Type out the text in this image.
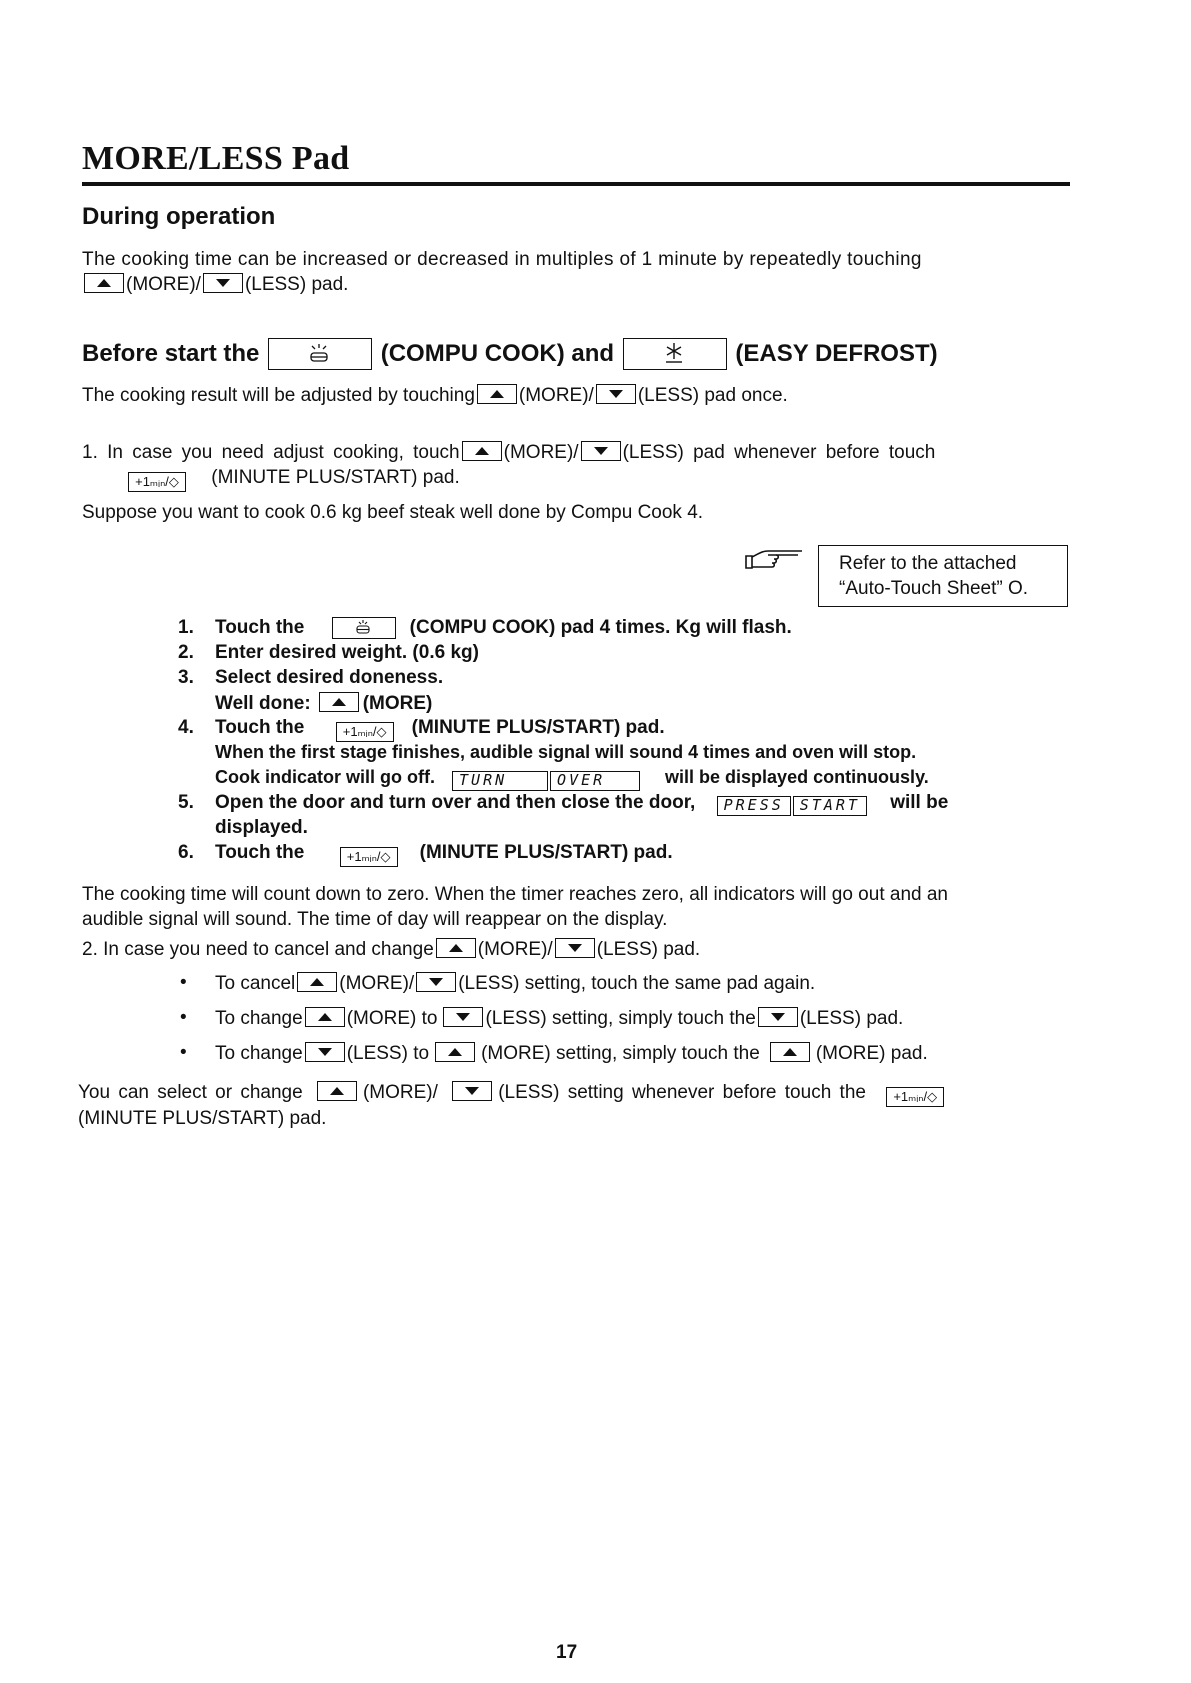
MORE/LESS Pad
During operation
The cooking time can be increased or decreased in multiples of 1 minute by repeatedly touching
(MORE)/ (LESS) pad.
Before start the	(COMPU COOK) and	(EASY DEFROST)
The cooking result will be adjusted by touching (MORE)/ (LESS) pad once.
1. In case you need adjust cooking, touch (MORE)/ (LESS) pad whenever before touch
+1ₘᵢₙ/◇ (MINUTE PLUS/START) pad.
Suppose you want to cook 0.6 kg beef steak well done by Compu Cook 4.
Refer to the attached
“Auto-Touch Sheet” O.
1.	Touch the	(COMPU COOK) pad 4 times. Kg will flash.
2.	Enter desired weight. (0.6 kg)
3.	Select desired doneness.
Well done:	(MORE)
4.	Touch the	+1ₘᵢₙ/◇ (MINUTE PLUS/START) pad.
When the first stage finishes, audible signal will sound 4 times and oven will stop.
Cook indicator will go off. TURN	OVER	will be displayed continuously.
5.	Open the door and turn over and then close the door, PRESS START will be
displayed.
6.	Touch the	+1ₘᵢₙ/◇ (MINUTE PLUS/START) pad.
The cooking time will count down to zero. When the timer reaches zero, all indicators will go out and an
audible signal will sound. The time of day will reappear on the display.
2. In case you need to cancel and change (MORE)/ (LESS) pad.
• To cancel (MORE)/ (LESS) setting, touch the same pad again.
• To change (MORE) to	(LESS) setting, simply touch the (LESS) pad.
• To change (LESS) to	(MORE) setting, simply touch the	(MORE) pad.
You can select or change	(MORE)/	(LESS) setting whenever before touch the +1ₘᵢₙ/◇
(MINUTE PLUS/START) pad.
17
